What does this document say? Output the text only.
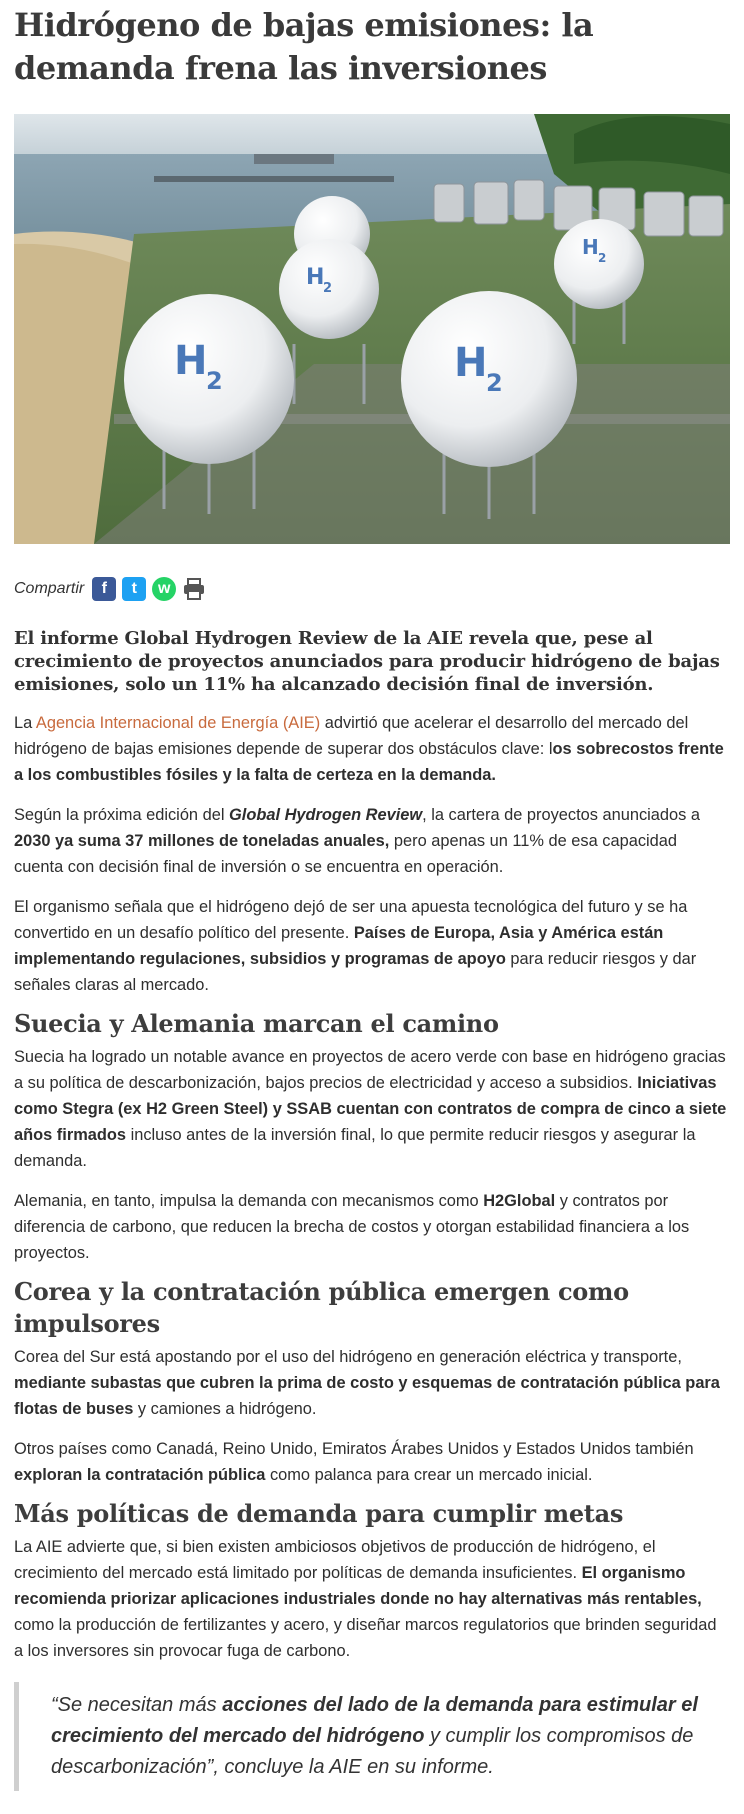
Hidrógeno de bajas emisiones: la demanda frena las inversiones
H
2
H 2
H
2	H
2
Compartir f t w

El informe Global Hydrogen Review de la AIE revela que, pese al crecimiento de proyectos anunciados para producir hidrógeno de bajas emisiones, solo un 11% ha alcanzado decisión final de inversión.

La Agencia Internacional de Energía (AIE) advirtió que acelerar el desarrollo del mercado del hidrógeno de bajas emisiones depende de superar dos obstáculos clave: los sobrecostos frente a los combustibles fósiles y la falta de certeza en la demanda.

Según la próxima edición del Global Hydrogen Review, la cartera de proyectos anunciados a 2030 ya suma 37 millones de toneladas anuales, pero apenas un 11% de esa capacidad cuenta con decisión final de inversión o se encuentra en operación.

El organismo señala que el hidrógeno dejó de ser una apuesta tecnológica del futuro y se ha convertido en un desafío político del presente. Países de Europa, Asia y América están implementando regulaciones, subsidios y programas de apoyo para reducir riesgos y dar señales claras al mercado.

Suecia y Alemania marcan el camino

Suecia ha logrado un notable avance en proyectos de acero verde con base en hidrógeno gracias a su política de descarbonización, bajos precios de electricidad y acceso a subsidios. Iniciativas como Stegra (ex H2 Green Steel) y SSAB cuentan con contratos de compra de cinco a siete años firmados incluso antes de la inversión final, lo que permite reducir riesgos y asegurar la demanda.

Alemania, en tanto, impulsa la demanda con mecanismos como H2Global y contratos por diferencia de carbono, que reducen la brecha de costos y otorgan estabilidad financiera a los proyectos.

Corea y la contratación pública emergen como impulsores

Corea del Sur está apostando por el uso del hidrógeno en generación eléctrica y transporte, mediante subastas que cubren la prima de costo y esquemas de contratación pública para flotas de buses y camiones a hidrógeno.

Otros países como Canadá, Reino Unido, Emiratos Árabes Unidos y Estados Unidos también exploran la contratación pública como palanca para crear un mercado inicial.

Más políticas de demanda para cumplir metas

La AIE advierte que, si bien existen ambiciosos objetivos de producción de hidrógeno, el crecimiento del mercado está limitado por políticas de demanda insuficientes. El organismo recomienda priorizar aplicaciones industriales donde no hay alternativas más rentables, como la producción de fertilizantes y acero, y diseñar marcos regulatorios que brinden seguridad a los inversores sin provocar fuga de carbono.

“Se necesitan más acciones del lado de la demanda para estimular el crecimiento del mercado del hidrógeno y cumplir los compromisos de descarbonización”, concluye la AIE en su informe.
